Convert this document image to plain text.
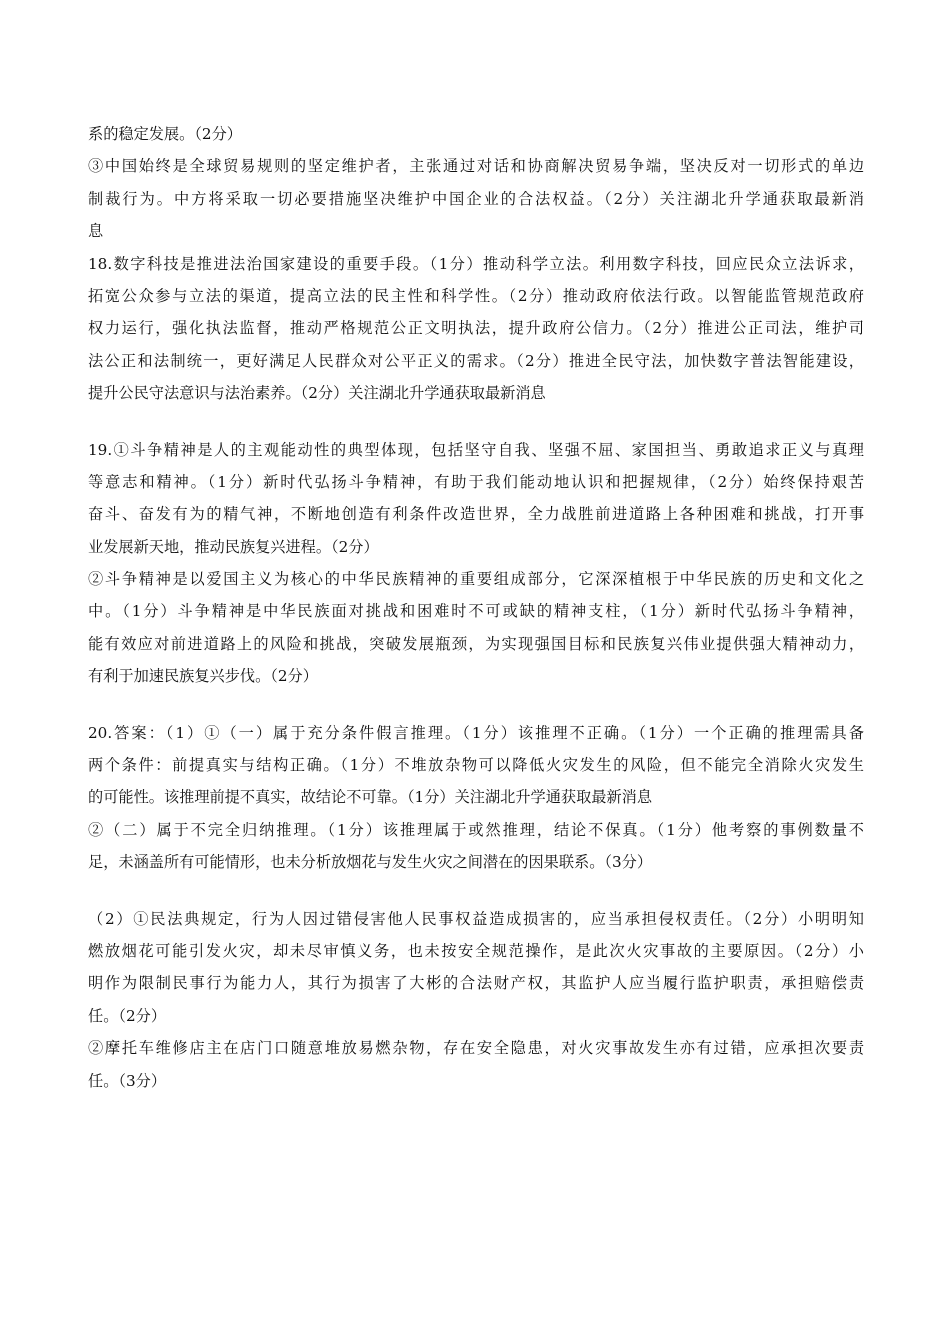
系的稳定发展。（2分）
③中国始终是全球贸易规则的坚定维护者，主张通过对话和协商解决贸易争端，坚决反对一切形式的单边
制裁行为。中方将采取一切必要措施坚决维护中国企业的合法权益。（2分）关注湖北升学通获取最新消
息
18.数字科技是推进法治国家建设的重要手段。（1分）推动科学立法。利用数字科技，回应民众立法诉求，
拓宽公众参与立法的渠道，提高立法的民主性和科学性。（2分）推动政府依法行政。以智能监管规范政府
权力运行，强化执法监督，推动严格规范公正文明执法，提升政府公信力。（2分）推进公正司法，维护司
法公正和法制统一，更好满足人民群众对公平正义的需求。（2分）推进全民守法，加快数字普法智能建设，
提升公民守法意识与法治素养。（2分）关注湖北升学通获取最新消息
19.①斗争精神是人的主观能动性的典型体现，包括坚守自我、坚强不屈、家国担当、勇敢追求正义与真理
等意志和精神。（1分）新时代弘扬斗争精神，有助于我们能动地认识和把握规律，（2分）始终保持艰苦
奋斗、奋发有为的精气神，不断地创造有利条件改造世界，全力战胜前进道路上各种困难和挑战，打开事
业发展新天地，推动民族复兴进程。（2分）
②斗争精神是以爱国主义为核心的中华民族精神的重要组成部分，它深深植根于中华民族的历史和文化之
中。（1分）斗争精神是中华民族面对挑战和困难时不可或缺的精神支柱，（1分）新时代弘扬斗争精神，
能有效应对前进道路上的风险和挑战，突破发展瓶颈，为实现强国目标和民族复兴伟业提供强大精神动力，
有利于加速民族复兴步伐。（2分）
20.答案：（1）①（一）属于充分条件假言推理。（1分）该推理不正确。（1分）一个正确的推理需具备
两个条件：前提真实与结构正确。（1分）不堆放杂物可以降低火灾发生的风险，但不能完全消除火灾发生
的可能性。该推理前提不真实，故结论不可靠。（1分）关注湖北升学通获取最新消息
②（二）属于不完全归纳推理。（1分）该推理属于或然推理，结论不保真。（1分）他考察的事例数量不
足，未涵盖所有可能情形，也未分析放烟花与发生火灾之间潜在的因果联系。（3分）
（2）①民法典规定，行为人因过错侵害他人民事权益造成损害的，应当承担侵权责任。（2分）小明明知
燃放烟花可能引发火灾，却未尽审慎义务，也未按安全规范操作，是此次火灾事故的主要原因。（2分）小
明作为限制民事行为能力人，其行为损害了大彬的合法财产权，其监护人应当履行监护职责，承担赔偿责
任。（2分）
②摩托车维修店主在店门口随意堆放易燃杂物，存在安全隐患，对火灾事故发生亦有过错，应承担次要责
任。（3分）
